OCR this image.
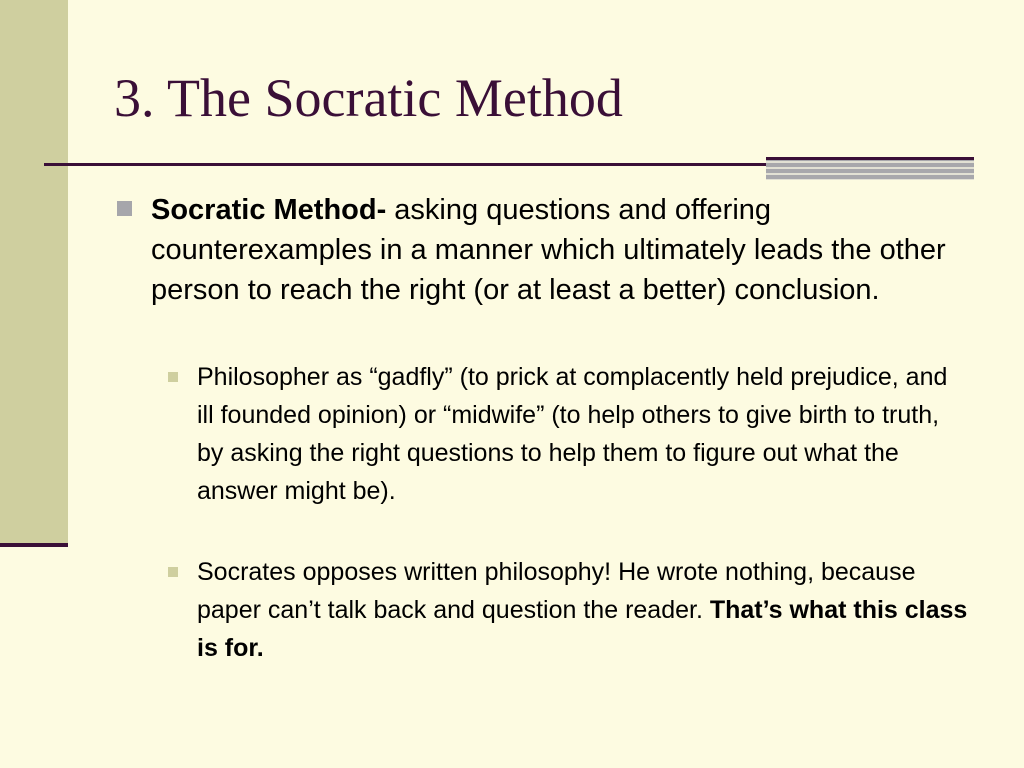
3. The Socratic Method
Socratic Method- asking questions and offering counterexamples in a manner which ultimately leads the other person to reach the right (or at least a better) conclusion.
Philosopher as “gadfly” (to prick at complacently held prejudice, and ill founded opinion) or “midwife” (to help others to give birth to truth, by asking the right questions to help them to figure out what the answer might be).
Socrates opposes written philosophy! He wrote nothing, because paper can’t talk back and question the reader. That’s what this class is for.
